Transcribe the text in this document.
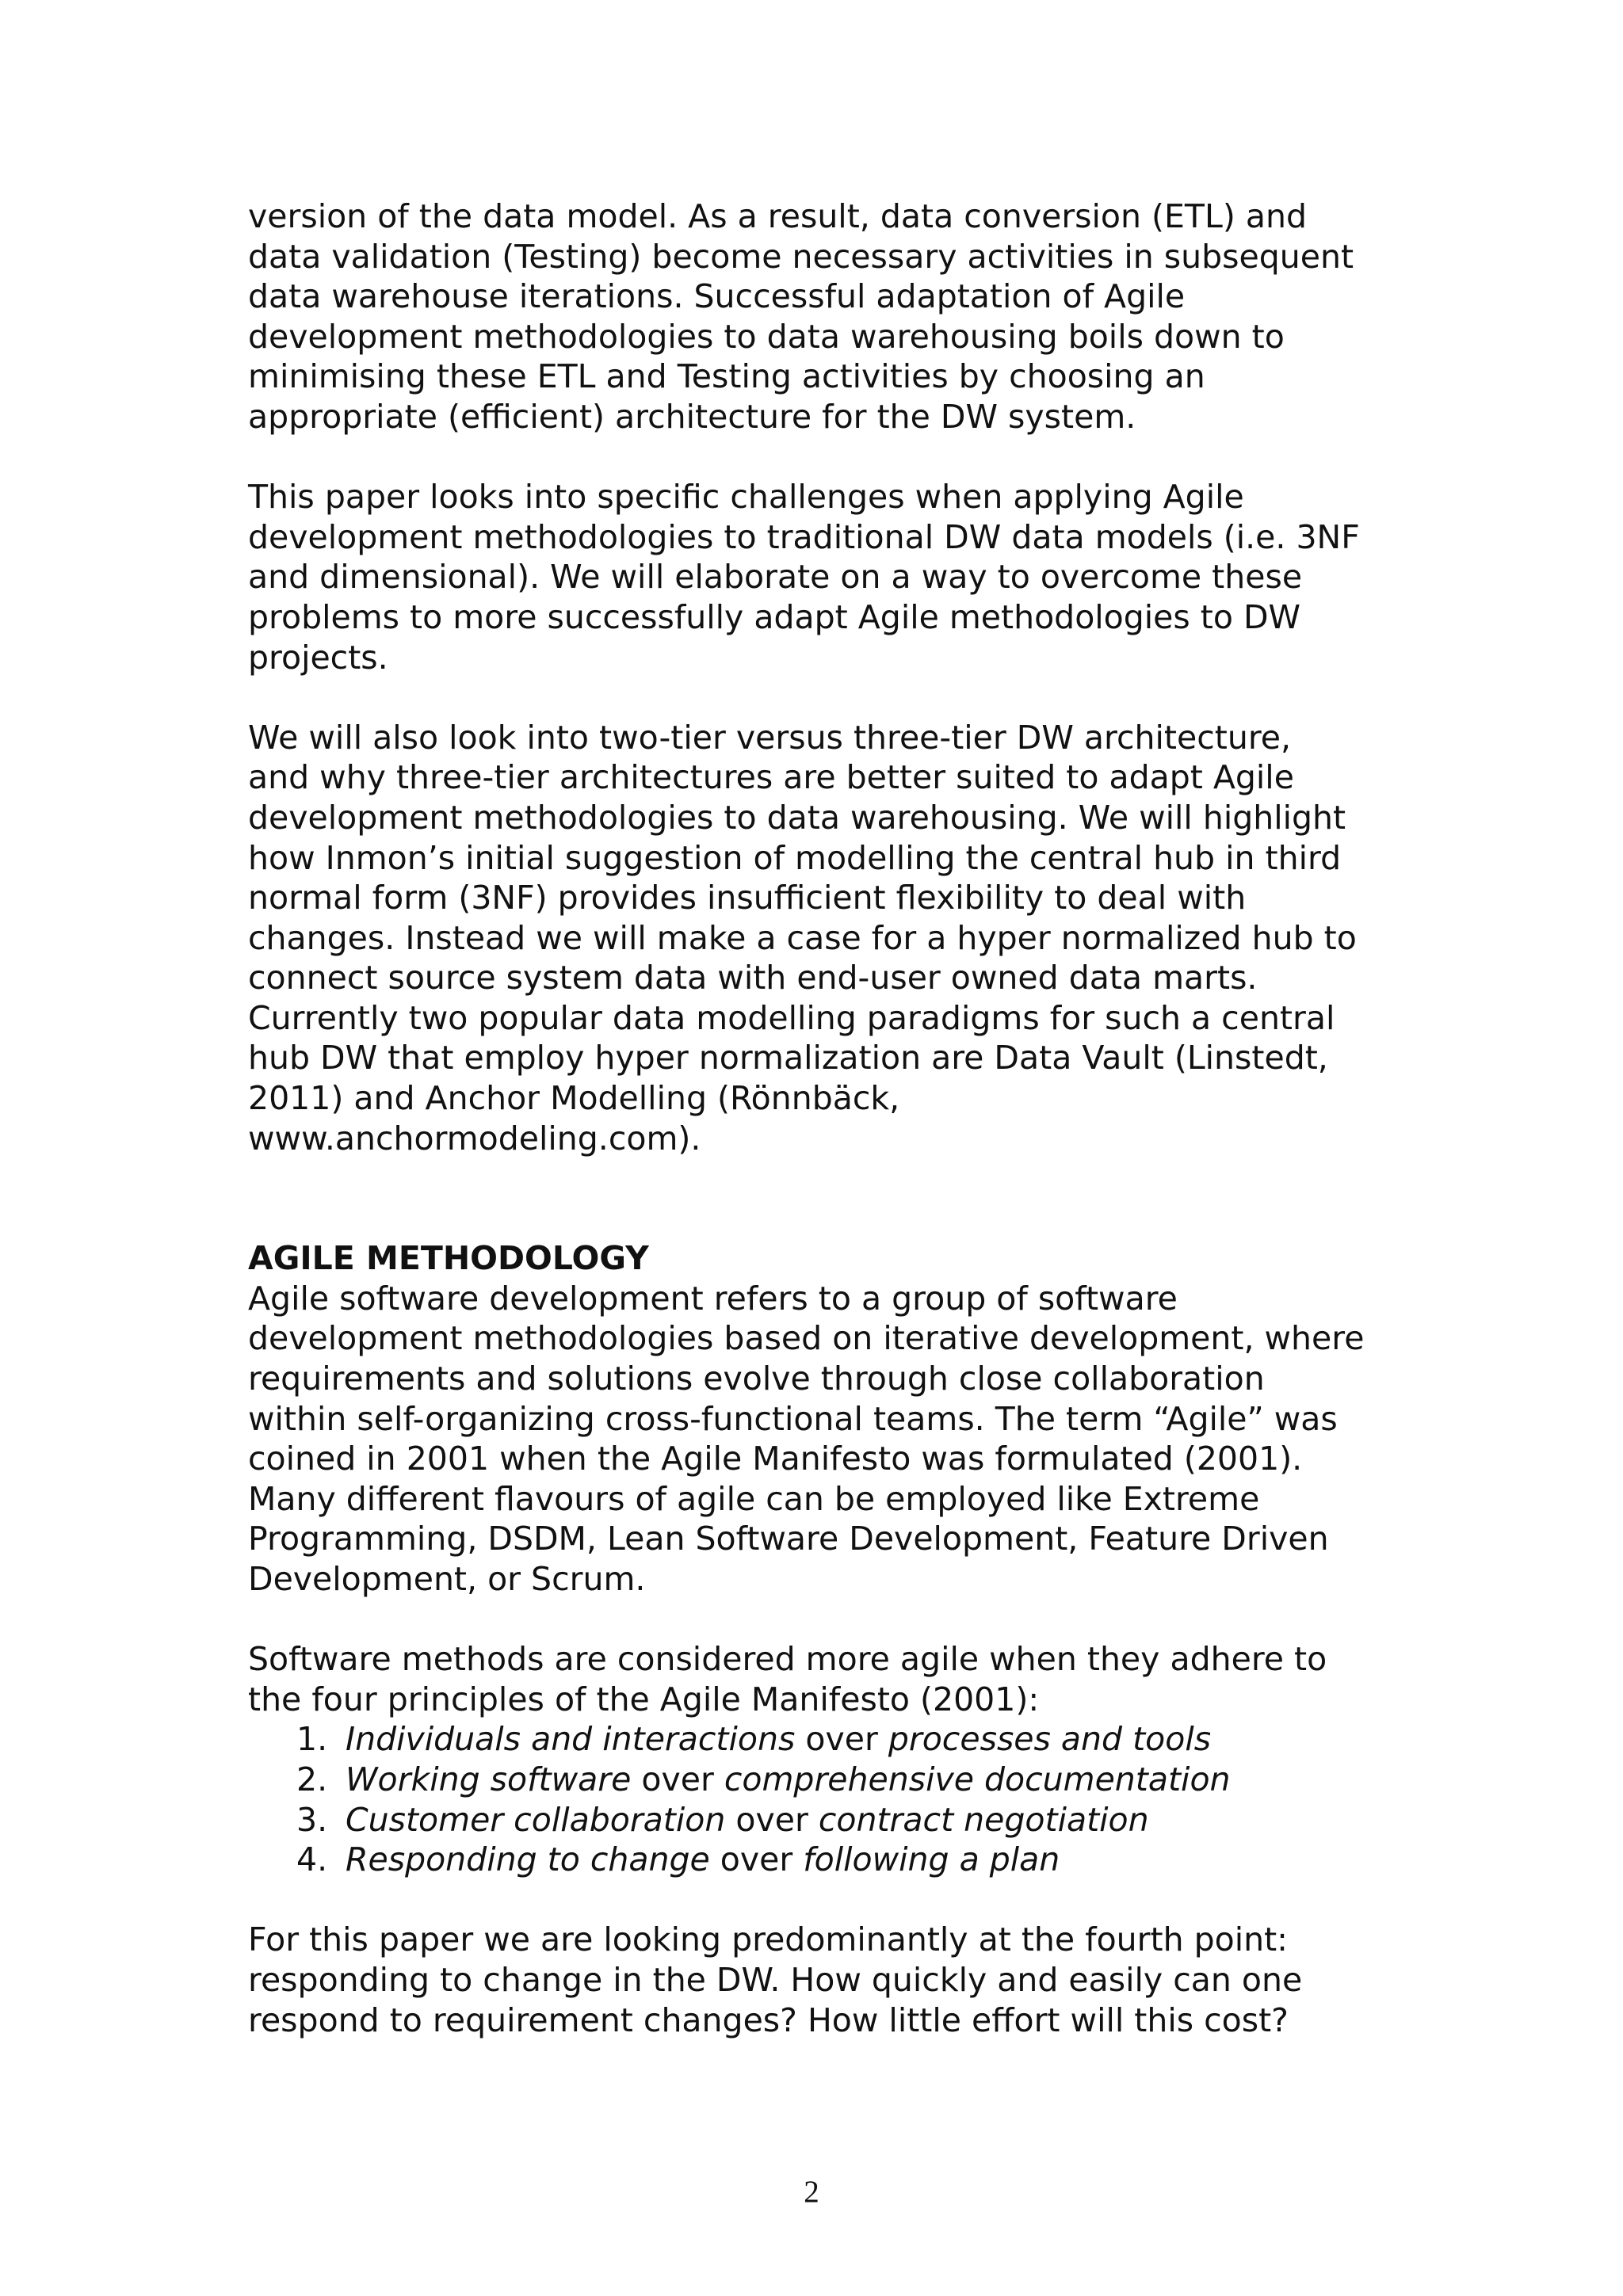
version of the data model. As a result, data conversion (ETL) and
data validation (Testing) become necessary activities in subsequent
data warehouse iterations. Successful adaptation of Agile
development methodologies to data warehousing boils down to
minimising these ETL and Testing activities by choosing an
appropriate (efficient) architecture for the DW system.
This paper looks into specific challenges when applying Agile
development methodologies to traditional DW data models (i.e. 3NF
and dimensional). We will elaborate on a way to overcome these
problems to more successfully adapt Agile methodologies to DW
projects.
We will also look into two-tier versus three-tier DW architecture,
and why three-tier architectures are better suited to adapt Agile
development methodologies to data warehousing. We will highlight
how Inmon’s initial suggestion of modelling the central hub in third
normal form (3NF) provides insufficient flexibility to deal with
changes. Instead we will make a case for a hyper normalized hub to
connect source system data with end-user owned data marts.
Currently two popular data modelling paradigms for such a central
hub DW that employ hyper normalization are Data Vault (Linstedt,
2011) and Anchor Modelling (Rönnbäck,
www.anchormodeling.com).
AGILE METHODOLOGY
Agile software development refers to a group of software
development methodologies based on iterative development, where
requirements and solutions evolve through close collaboration
within self-organizing cross-functional teams. The term “Agile” was
coined in 2001 when the Agile Manifesto was formulated (2001).
Many different flavours of agile can be employed like Extreme
Programming, DSDM, Lean Software Development, Feature Driven
Development, or Scrum.
Software methods are considered more agile when they adhere to
the four principles of the Agile Manifesto (2001):
1. Individuals and interactions over processes and tools
2. Working software over comprehensive documentation
3. Customer collaboration over contract negotiation
4. Responding to change over following a plan
For this paper we are looking predominantly at the fourth point:
responding to change in the DW. How quickly and easily can one
respond to requirement changes? How little effort will this cost?
2
